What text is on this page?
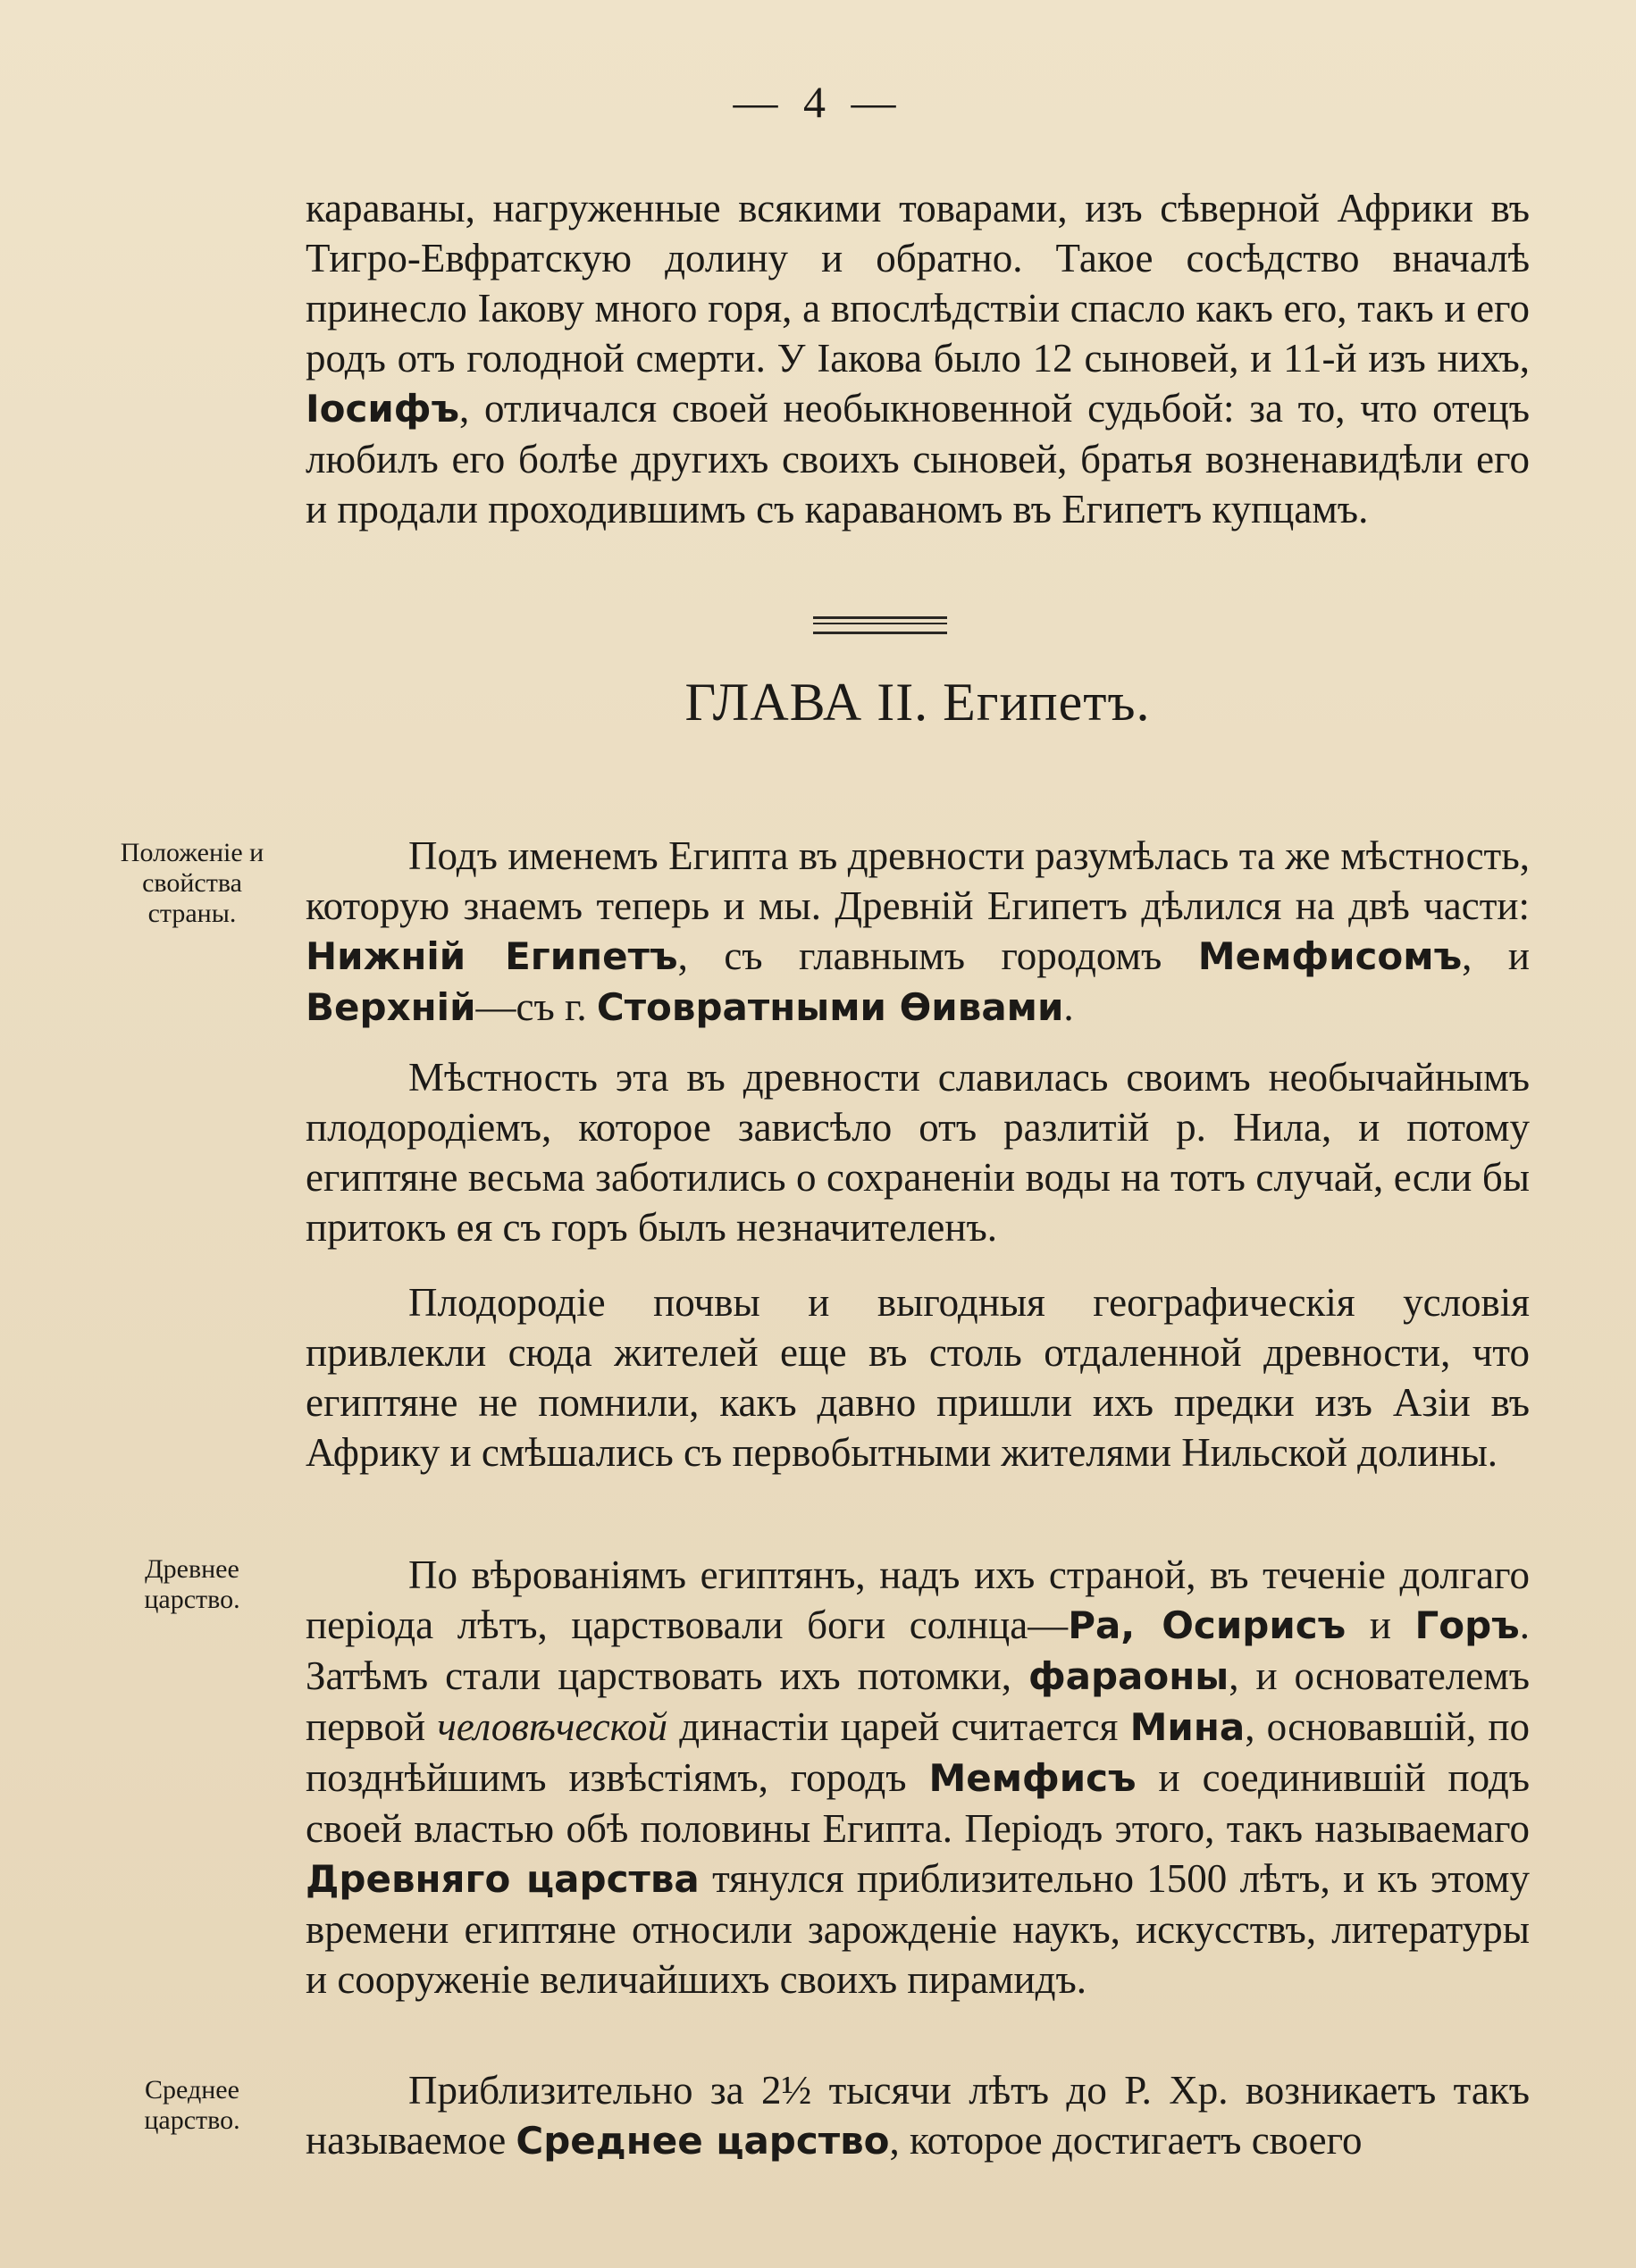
— 4 —

караваны, нагруженные всякими товарами, изъ сѣверной Африки въ Тигро-Евфратскую долину и обратно. Такое сосѣдство вначалѣ принесло Іакову много горя, а впослѣдствіи спасло какъ его, такъ и его родъ отъ голодной смерти. У Іакова было 12 сыновей, и 11-й изъ нихъ, Іосифъ, отличался своей необыкновенной судьбой: за то, что отецъ любилъ его болѣе другихъ своихъ сыновей, братья возненавидѣли его и продали проходившимъ съ караваномъ въ Египетъ купцамъ.

ГЛАВА II. Египетъ.
Положеніе и свойства страны.
Древнее царство.
Среднее царство.

Подъ именемъ Египта въ древности разумѣлась та же мѣстность, которую знаемъ теперь и мы. Древній Египетъ дѣлился на двѣ части: Нижній Египетъ, съ главнымъ городомъ Мемфисомъ, и Верхній—съ г. Стовратными Өивами.

Мѣстность эта въ древности славилась своимъ необычайнымъ плодородіемъ, которое зависѣло отъ разлитій р. Нила, и потому египтяне весьма заботились о сохраненіи воды на тотъ случай, если бы притокъ ея съ горъ былъ незначителенъ.

Плодородіе почвы и выгодныя географическія условія привлекли сюда жителей еще въ столь отдаленной древности, что египтяне не помнили, какъ давно пришли ихъ предки изъ Азіи въ Африку и смѣшались съ первобытными жителями Нильской долины.

По вѣрованіямъ египтянъ, надъ ихъ страной, въ теченіе долгаго періода лѣтъ, царствовали боги солнца—Ра, Осирисъ и Горъ. Затѣмъ стали царствовать ихъ потомки, фараоны, и основателемъ первой человѣческой династіи царей считается Мина, основавшій, по позднѣйшимъ извѣстіямъ, городъ Мемфисъ и соединившій подъ своей властью обѣ половины Египта. Періодъ этого, такъ называемаго Древняго царства тянулся приблизительно 1500 лѣтъ, и къ этому времени египтяне относили зарожденіе наукъ, искусствъ, литературы и сооруженіе величайшихъ своихъ пирамидъ.

Приблизительно за 2½ тысячи лѣтъ до Р. Хр. возникаетъ такъ называемое Среднее царство, которое достигаетъ своего
